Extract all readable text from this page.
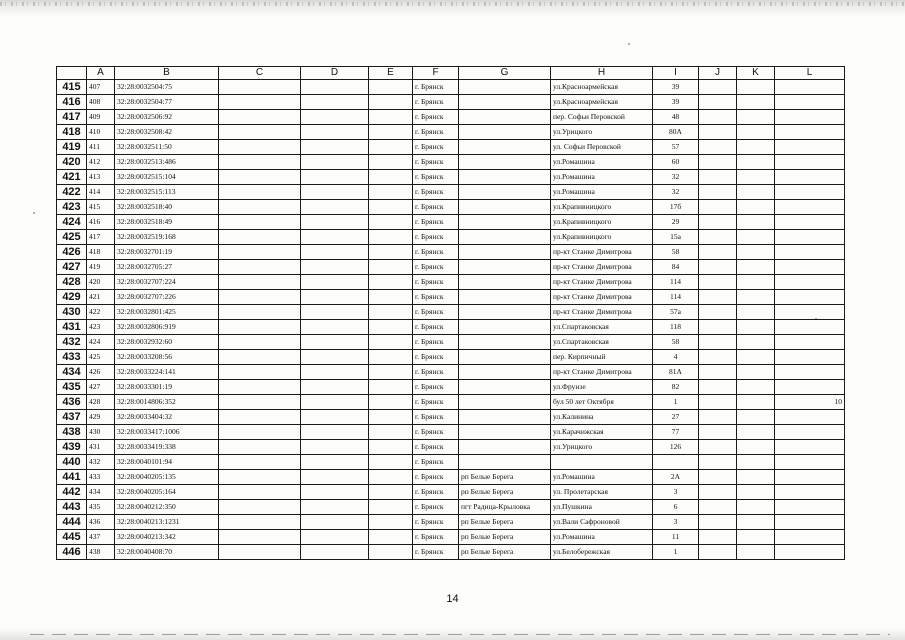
	A	B	C	D	E	F	G	H	I	J	K	L
415	407	32:28:0032504:75				г. Брянск		ул.Красноармейская	39			
416	408	32:28:0032504:77				г. Брянск		ул.Красноармейская	39			
417	409	32:28:0032506:92				г. Брянск		пер. Софьи Перовской	48			
418	410	32:28:0032508:42				г. Брянск		ул.Урицкого	80А			
419	411	32:28:0032511:50				г. Брянск		ул. Софьи Перовской	57			
420	412	32:28:0032513:486				г. Брянск		ул.Ромашина	60			
421	413	32:28:0032515:104				г. Брянск		ул.Ромашина	32			
422	414	32:28:0032515:113				г. Брянск		ул.Ромашина	32			
423	415	32:28:0032518:40				г. Брянск		ул.Крапивницкого	17б			
424	416	32:28:0032518:49				г. Брянск		ул.Крапивницкого	29			
425	417	32:28:0032519:168				г. Брянск		ул.Крапивницкого	15а			
426	418	32:28:0032701:19				г. Брянск		пр-кт Станке Димитрова	58			
427	419	32:28:0032705:27				г. Брянск		пр-кт Станке Димитрова	84			
428	420	32:28:0032707:224				г. Брянск		пр-кт Станке Димитрова	114			
429	421	32:28:0032707:226				г. Брянск		пр-кт Станке Димитрова	114			
430	422	32:28:0032801:425				г. Брянск		пр-кт Станке Димитрова	57а			
431	423	32:28:0032806:919				г. Брянск		ул.Спартаковская	118			
432	424	32:28:0032932:60				г. Брянск		ул.Спартаковская	58			
433	425	32:28:0033208:56				г. Брянск		пер. Кирпичный	4			
434	426	32:28:0033224:141				г. Брянск		пр-кт Станке Димитрова	81А			
435	427	32:28:0033301:19				г. Брянск		ул.Фрунзе	82			
436	428	32:28:0014806:352				г. Брянск		бул 50 лет Октября	1			10
437	429	32:28:0033404:32				г. Брянск		ул.Калинина	27			
438	430	32:28:0033417:1006				г. Брянск		ул.Карачижская	77			
439	431	32:28:0033419:338				г. Брянск		ул.Урицкого	126			
440	432	32:28:0040101:94				г. Брянск						
441	433	32:28:0040205:135				г. Брянск	рп Белые Берега	ул.Ромашина	2А			
442	434	32:28:0040205:164				г. Брянск	рп Белые Берега	ул. Пролетарская	3			
443	435	32:28:0040212:350				г. Брянск	пгт Радица-Крыловка	ул.Пушкина	6			
444	436	32:28:0040213:1231				г. Брянск	рп Белые Берега	ул.Вали Сафроновой	3			
445	437	32:28:0040213:342				г. Брянск	рп Белые Берега	ул.Ромашина	11			
446	438	32:28:0040408:70				г. Брянск	рп Белые Берега	ул.Белобережская	1			
14
